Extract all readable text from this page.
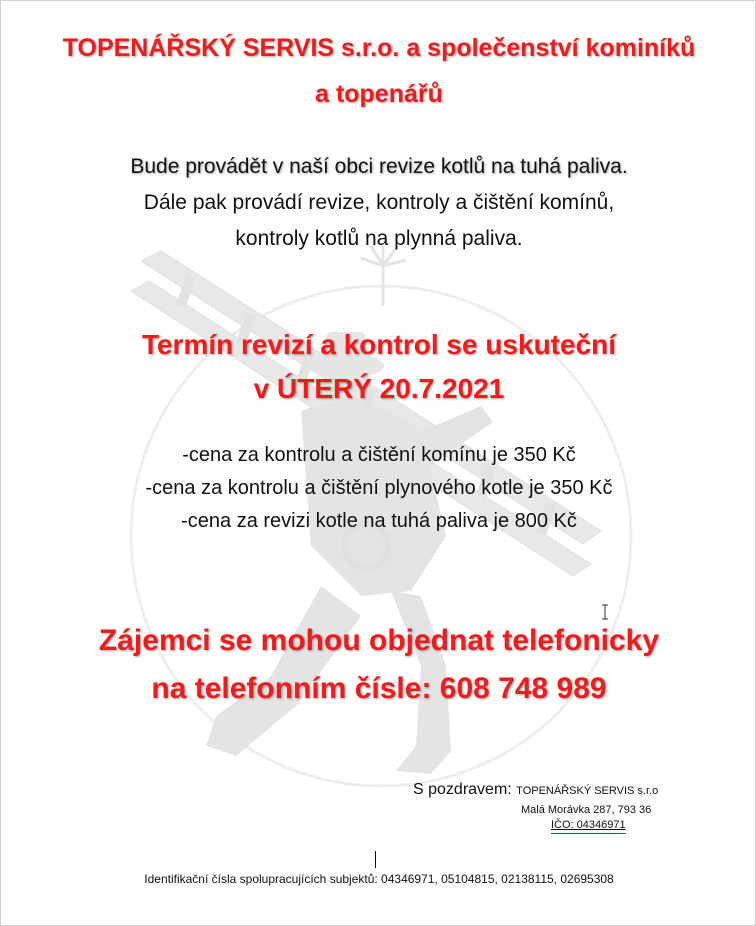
TOPENÁŘSKÝ SERVIS s.r.o. a společenství kominíků
a topenářů
Bude provádět v naší obci revize kotlů na tuhá paliva.
Dále pak provádí revize, kontroly a čištění komínů,
kontroly kotlů na plynná paliva.
Termín revizí a kontrol se uskuteční
v ÚTERÝ 20.7.2021
-cena za kontrolu a čištění komínu je 350 Kč
-cena za kontrolu a čištění plynového kotle je 350 Kč
-cena za revizi kotle na tuhá paliva je 800 Kč
Zájemci se mohou objednat telefonicky
na telefonním čísle: 608 748 989
S pozdravem: TOPENÁŘSKÝ SERVIS s.r.o
Malá Morávka 287, 793 36
IČO: 04346971
Identifikační čísla spolupracujících subjektů: 04346971, 05104815, 02138115, 02695308
